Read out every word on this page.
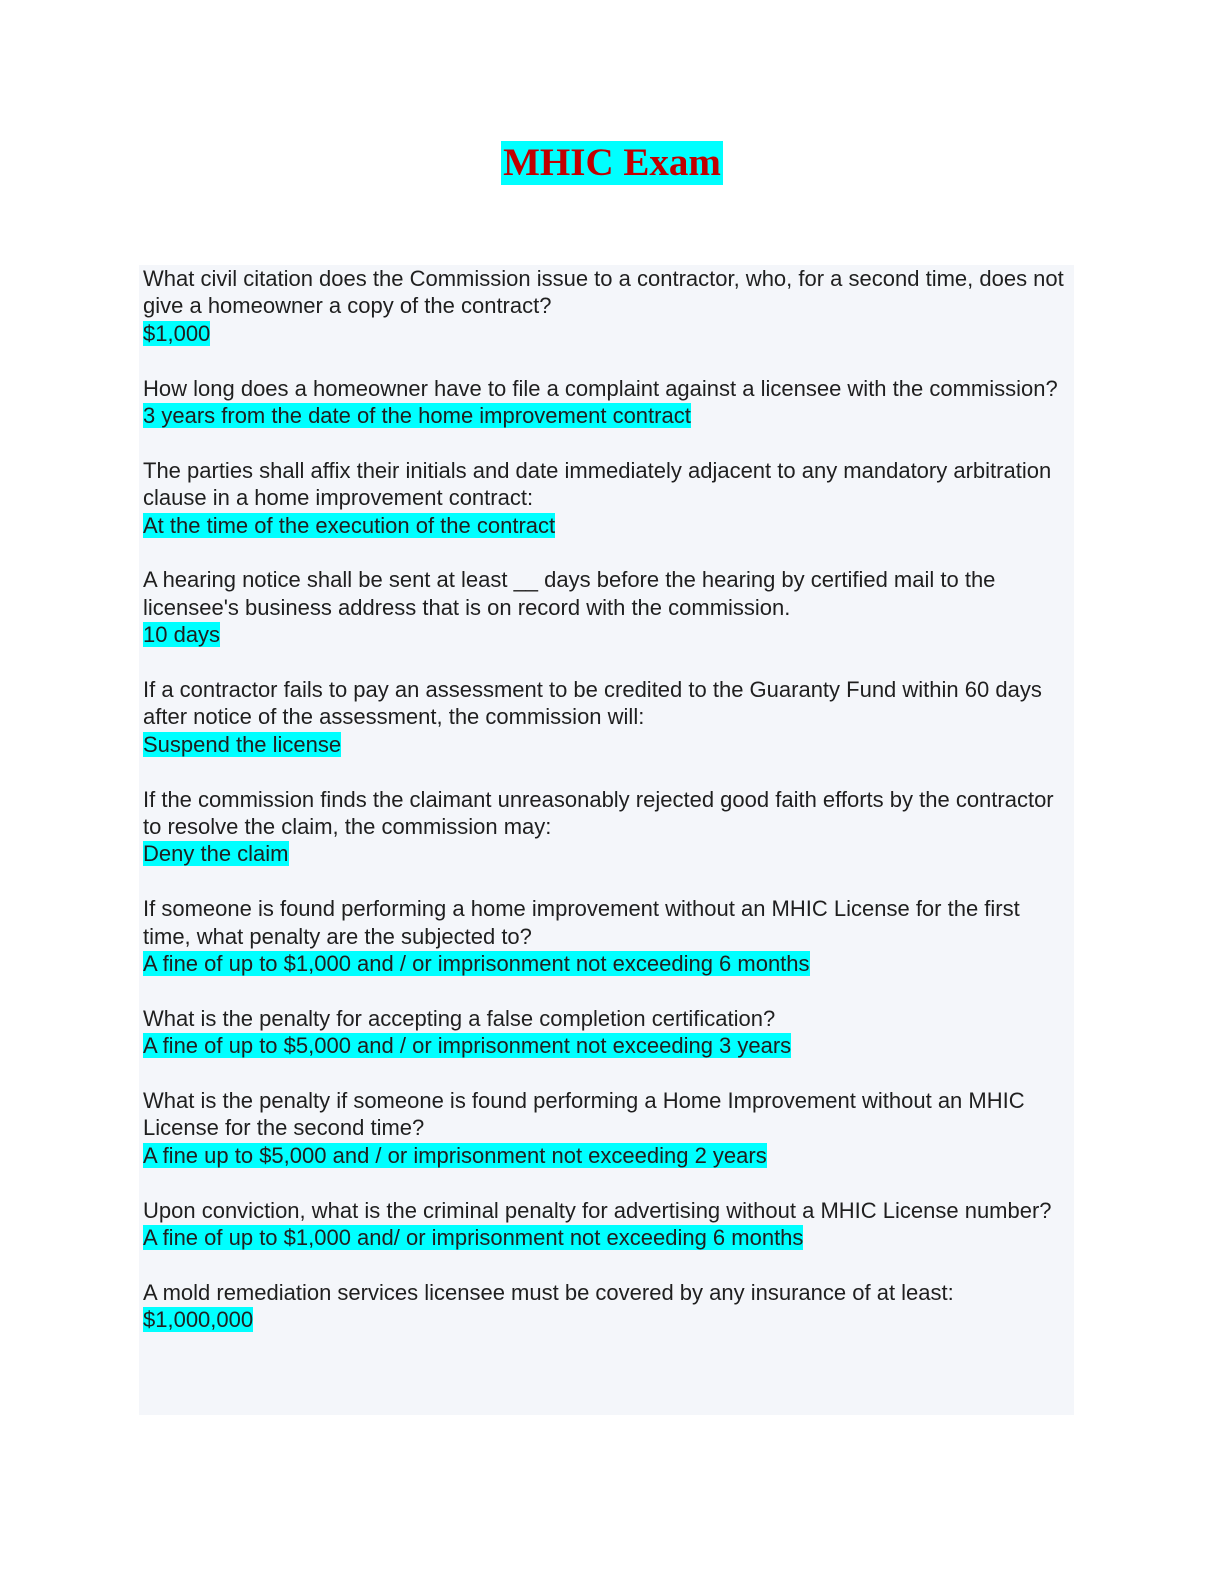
MHIC Exam
What civil citation does the Commission issue to a contractor, who, for a second time, does not give a homeowner a copy of the contract?
$1,000
How long does a homeowner have to file a complaint against a licensee with the commission?
3 years from the date of the home improvement contract
The parties shall affix their initials and date immediately adjacent to any mandatory arbitration clause in a home improvement contract:
At the time of the execution of the contract
A hearing notice shall be sent at least __ days before the hearing by certified mail to the licensee's business address that is on record with the commission.
10 days
If a contractor fails to pay an assessment to be credited to the Guaranty Fund within 60 days after notice of the assessment, the commission will:
Suspend the license
If the commission finds the claimant unreasonably rejected good faith efforts by the contractor to resolve the claim, the commission may:
Deny the claim
If someone is found performing a home improvement without an MHIC License for the first time, what penalty are the subjected to?
A fine of up to $1,000 and / or imprisonment not exceeding 6 months
What is the penalty for accepting a false completion certification?
A fine of up to $5,000 and / or imprisonment not exceeding 3 years
What is the penalty if someone is found performing a Home Improvement without an MHIC License for the second time?
A fine up to $5,000 and / or imprisonment not exceeding 2 years
Upon conviction, what is the criminal penalty for advertising without a MHIC License number?
A fine of up to $1,000 and/ or imprisonment not exceeding 6 months
A mold remediation services licensee must be covered by any insurance of at least:
$1,000,000
